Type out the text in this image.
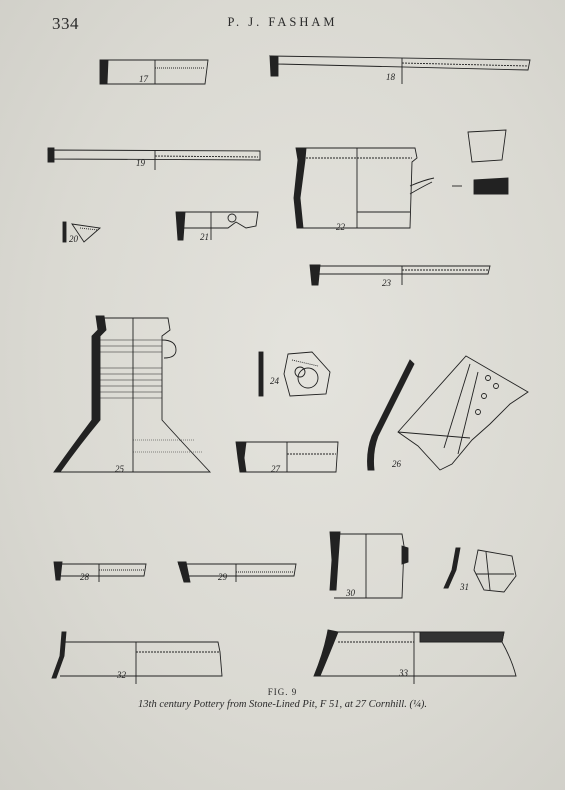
334	P. J. FASHAM
17	18
19
20	21
22
23
24
25	26
27
28	29
30
31
32	33
FIG. 9
13th century Pottery from Stone-Lined Pit, F 51, at 27 Cornhill. (¼).
